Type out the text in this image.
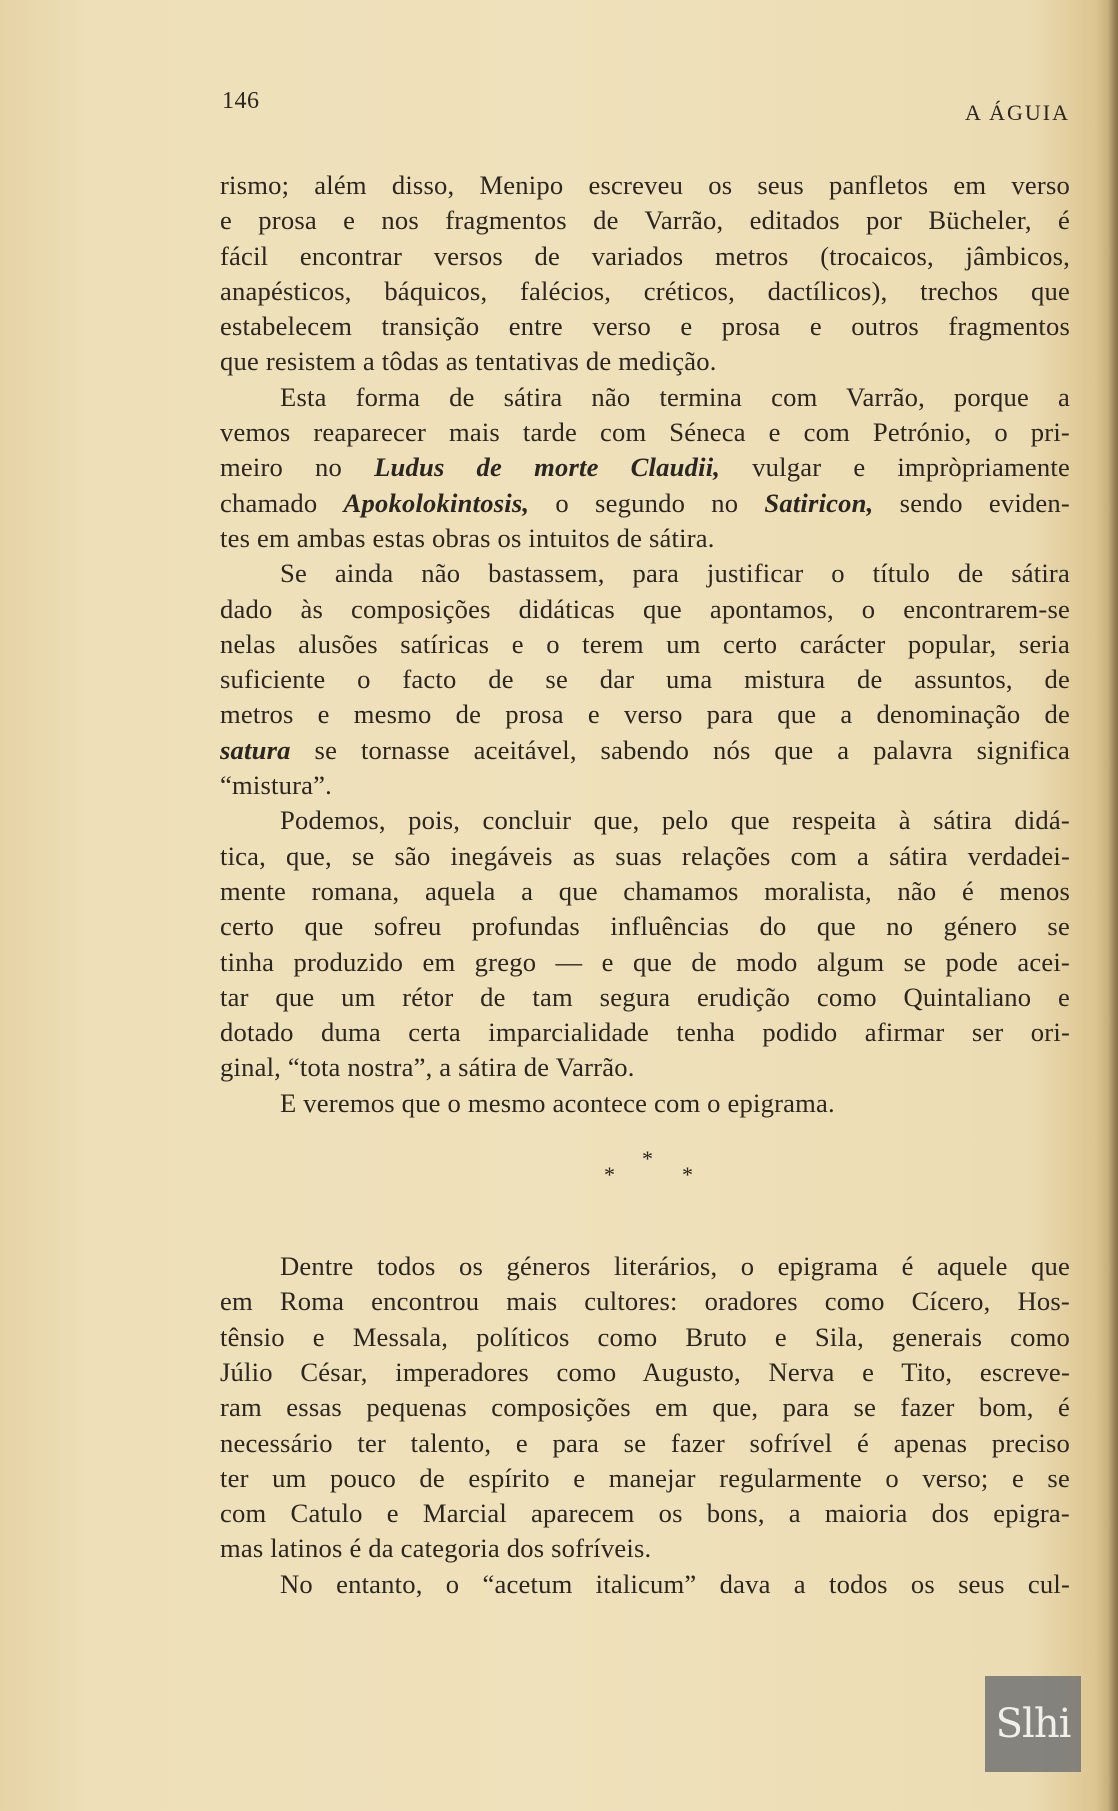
146	A ÁGUIA
rismo; além disso, Menipo escreveu os seus panfletos em verso
e prosa e nos fragmentos de Varrão, editados por Bücheler, é
fácil encontrar versos de variados metros (trocaicos, jâmbicos,
anapésticos, báquicos, falécios, créticos, dactílicos), trechos que
estabelecem transição entre verso e prosa e outros fragmentos
que resistem a tôdas as tentativas de medição.
Esta forma de sátira não termina com Varrão, porque a
vemos reaparecer mais tarde com Séneca e com Petrónio, o pri-
meiro no Ludus de morte Claudii, vulgar e impròpriamente
chamado Apokolokintosis, o segundo no Satiricon, sendo eviden-
tes em ambas estas obras os intuitos de sátira.
Se ainda não bastassem, para justificar o título de sátira
dado às composições didáticas que apontamos, o encontrarem-se
nelas alusões satíricas e o terem um certo carácter popular, seria
suficiente o facto de se dar uma mistura de assuntos, de
metros e mesmo de prosa e verso para que a denominação de
satura se tornasse aceitável, sabendo nós que a palavra significa
“mistura”.
Podemos, pois, concluir que, pelo que respeita à sátira didá-
tica, que, se são inegáveis as suas relações com a sátira verdadei-
mente romana, aquela a que chamamos moralista, não é menos
certo que sofreu profundas influências do que no género se
tinha produzido em grego — e que de modo algum se pode acei-
tar que um rétor de tam segura erudição como Quintaliano e
dotado duma certa imparcialidade tenha podido afirmar ser ori-
ginal, “tota nostra”, a sátira de Varrão.
E veremos que o mesmo acontece com o epigrama.
*
*	*
Dentre todos os géneros literários, o epigrama é aquele que
em Roma encontrou mais cultores: oradores como Cícero, Hos-
tênsio e Messala, políticos como Bruto e Sila, generais como
Júlio César, imperadores como Augusto, Nerva e Tito, escreve-
ram essas pequenas composições em que, para se fazer bom, é
necessário ter talento, e para se fazer sofrível é apenas preciso
ter um pouco de espírito e manejar regularmente o verso; e se
com Catulo e Marcial aparecem os bons, a maioria dos epigra-
mas latinos é da categoria dos sofríveis.
No entanto, o “acetum italicum” dava a todos os seus cul-
Slhi
